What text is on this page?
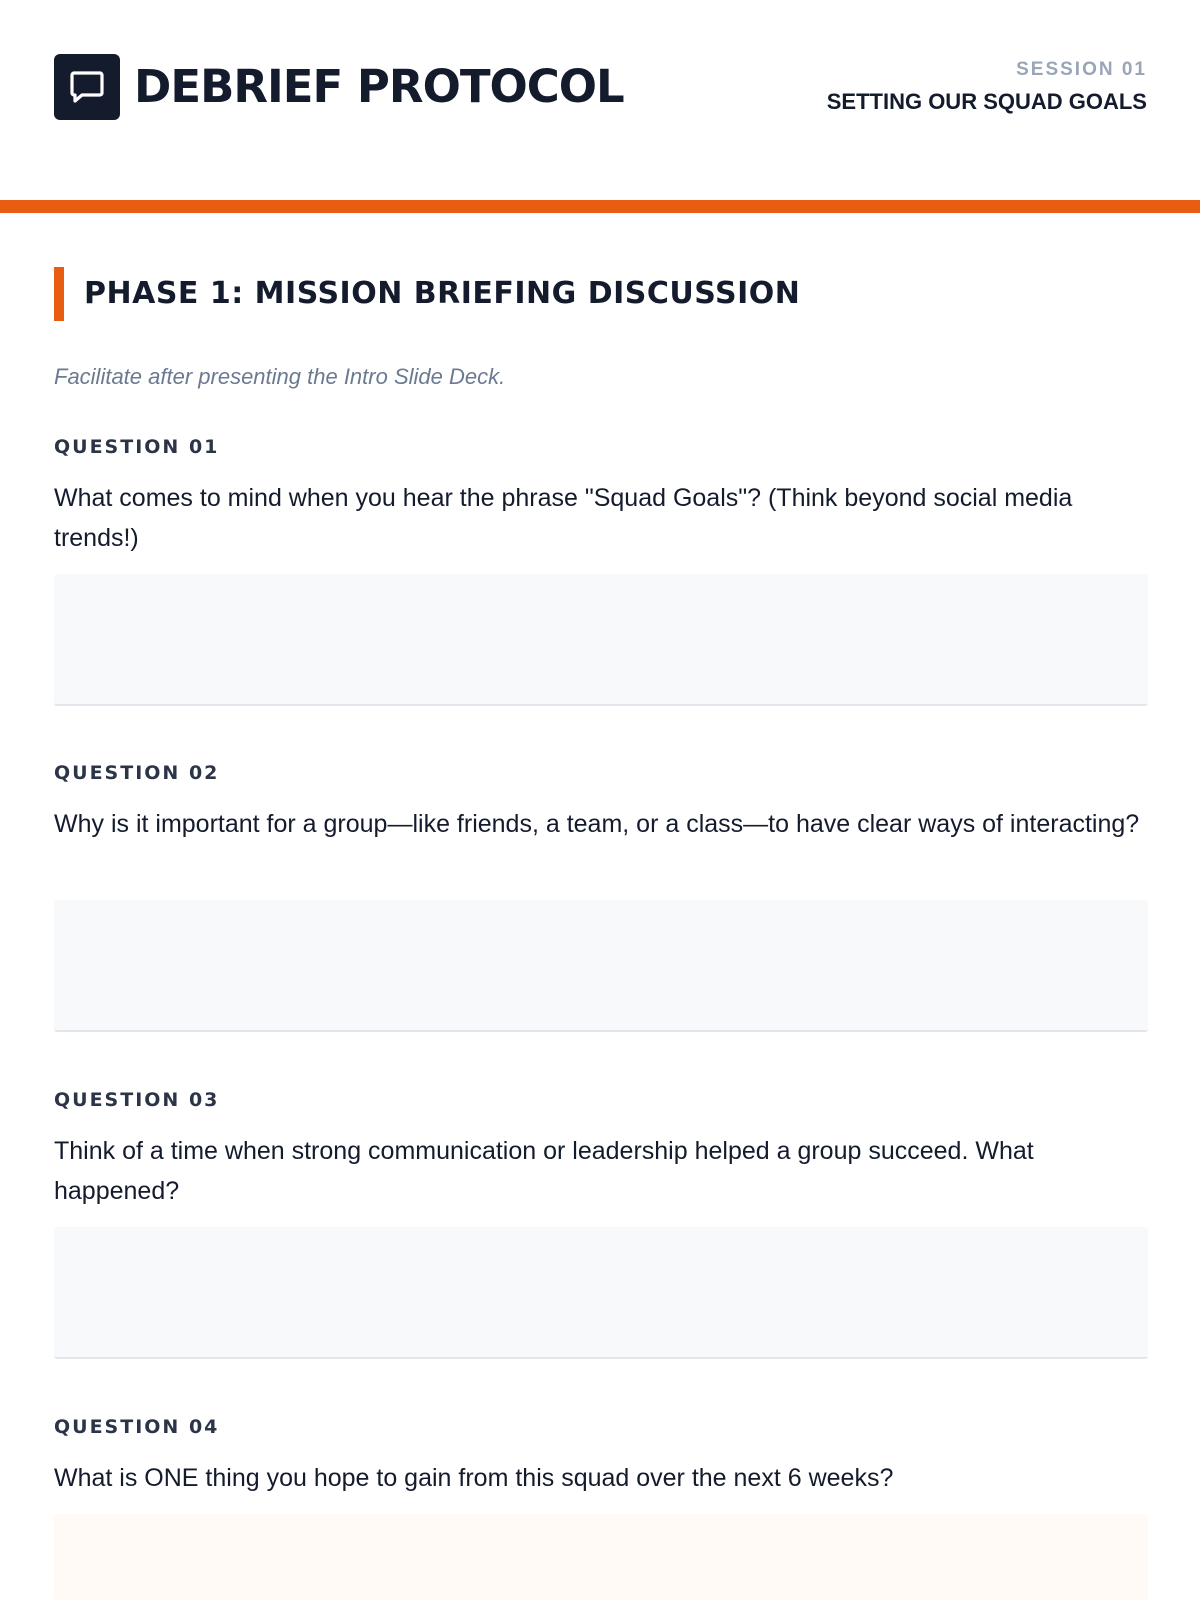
DEBRIEF PROTOCOL	SESSION 01
SETTING OUR SQUAD GOALS
PHASE 1: MISSION BRIEFING DISCUSSION
Facilitate after presenting the Intro Slide Deck.
QUESTION 01
What comes to mind when you hear the phrase "Squad Goals"? (Think beyond social media trends!)
QUESTION 02
Why is it important for a group—like friends, a team, or a class—to have clear ways of interacting?
QUESTION 03
Think of a time when strong communication or leadership helped a group succeed. What happened?
QUESTION 04
What is ONE thing you hope to gain from this squad over the next 6 weeks?
